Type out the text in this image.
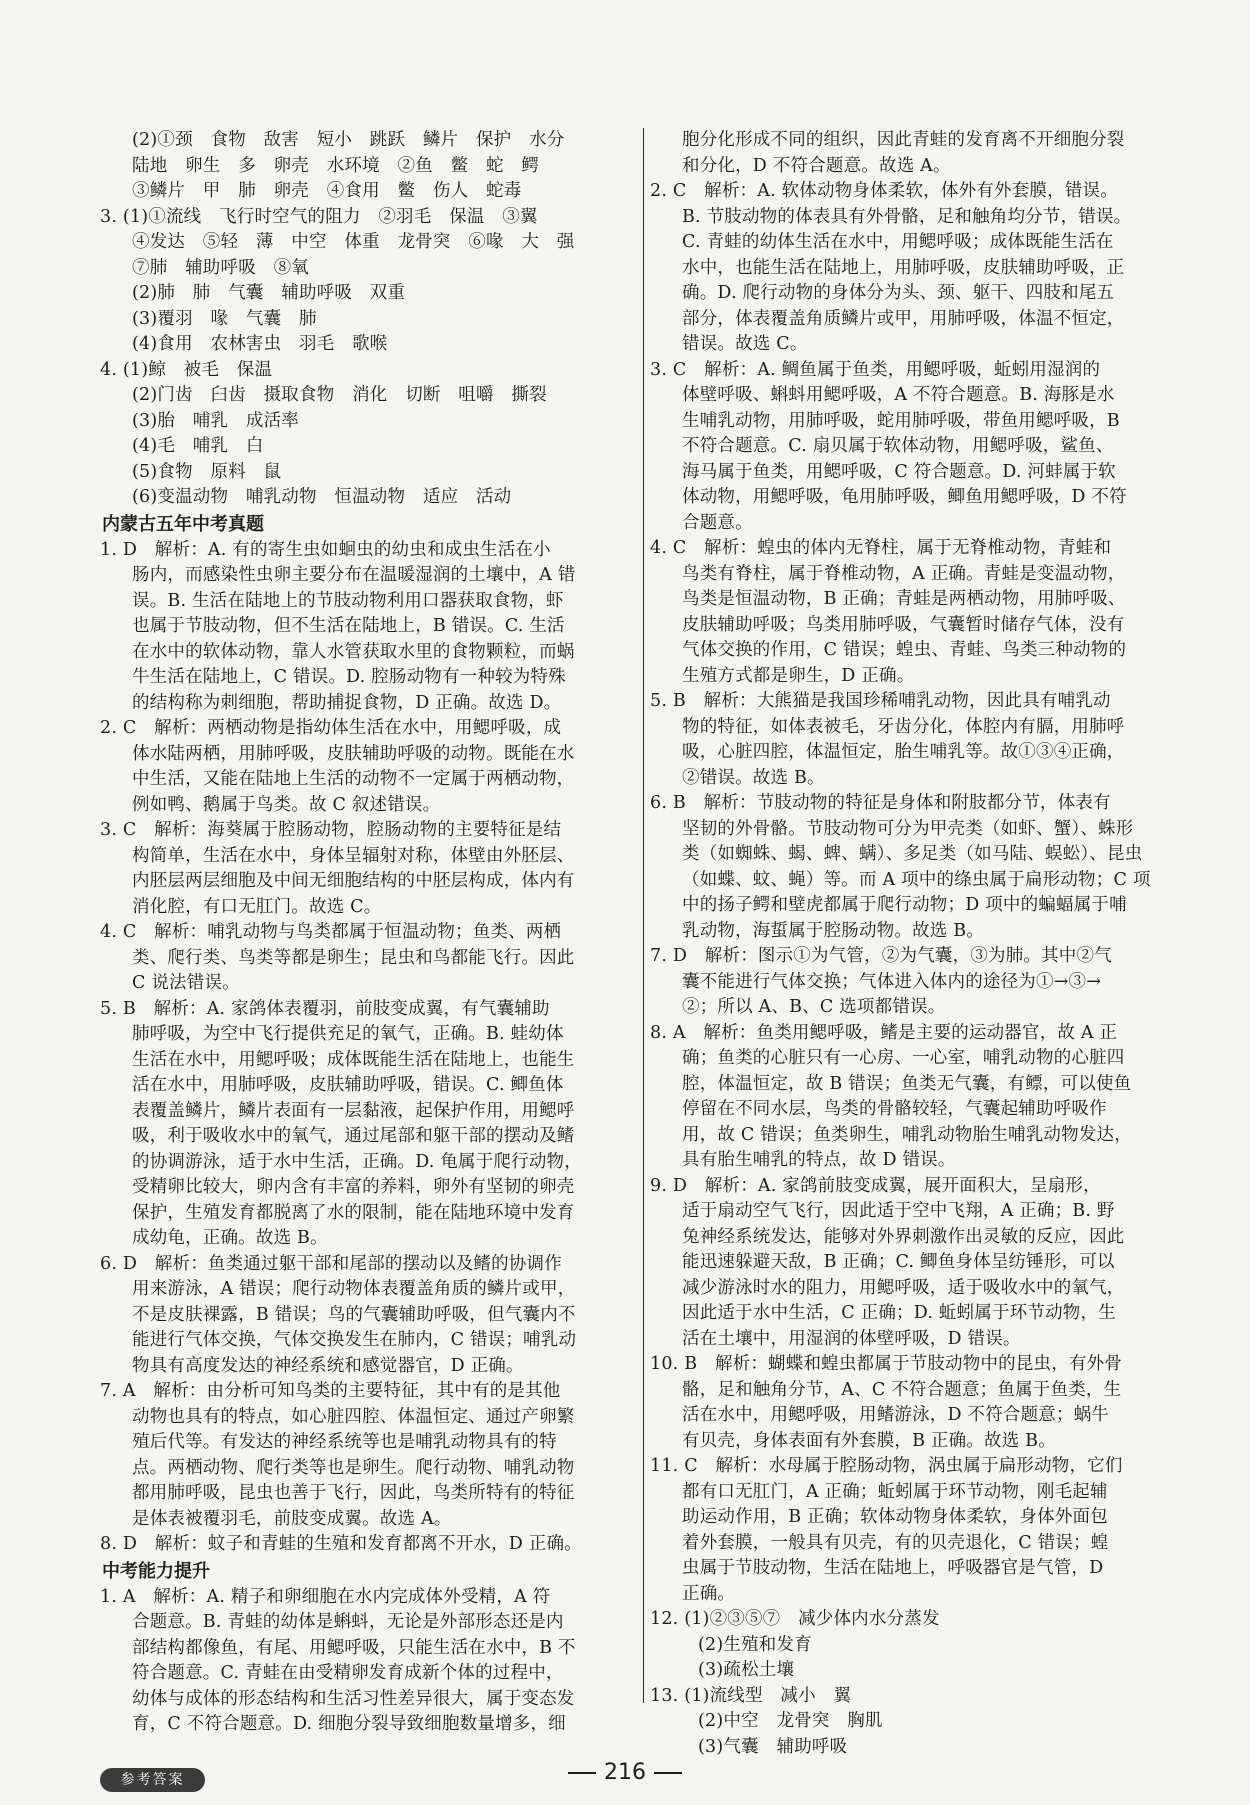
(2)①颈　食物　敌害　短小　跳跃　鳞片　保护　水分
陆地　卵生　多　卵壳　水环境　②鱼　鳖　蛇　鳄
③鳞片　甲　肺　卵壳　④食用　鳖　伤人　蛇毒
3. (1)①流线　飞行时空气的阻力　②羽毛　保温　③翼
④发达　⑤轻　薄　中空　体重　龙骨突　⑥喙　大　强
⑦肺　辅助呼吸　⑧氧
(2)肺　肺　气囊　辅助呼吸　双重
(3)覆羽　喙　气囊　肺
(4)食用　农林害虫　羽毛　歌喉
4. (1)鲸　被毛　保温
(2)门齿　臼齿　摄取食物　消化　切断　咀嚼　撕裂
(3)胎　哺乳　成活率
(4)毛　哺乳　白
(5)食物　原料　鼠
(6)变温动物　哺乳动物　恒温动物　适应　活动
内蒙古五年中考真题
1. D　解析：A. 有的寄生虫如蛔虫的幼虫和成虫生活在小
肠内，而感染性虫卵主要分布在温暖湿润的土壤中，A 错
误。B. 生活在陆地上的节肢动物利用口器获取食物，虾
也属于节肢动物，但不生活在陆地上，B 错误。C. 生活
在水中的软体动物，靠人水管获取水里的食物颗粒，而蜗
牛生活在陆地上，C 错误。D. 腔肠动物有一种较为特殊
的结构称为刺细胞，帮助捕捉食物，D 正确。故选 D。
2. C　解析：两栖动物是指幼体生活在水中，用鳃呼吸，成
体水陆两栖，用肺呼吸，皮肤辅助呼吸的动物。既能在水
中生活，又能在陆地上生活的动物不一定属于两栖动物，
例如鸭、鹅属于鸟类。故 C 叙述错误。
3. C　解析：海葵属于腔肠动物，腔肠动物的主要特征是结
构简单，生活在水中，身体呈辐射对称，体壁由外胚层、
内胚层两层细胞及中间无细胞结构的中胚层构成，体内有
消化腔，有口无肛门。故选 C。
4. C　解析：哺乳动物与鸟类都属于恒温动物；鱼类、两栖
类、爬行类、鸟类等都是卵生；昆虫和鸟都能飞行。因此
C 说法错误。
5. B　解析：A. 家鸽体表覆羽，前肢变成翼，有气囊辅助
肺呼吸，为空中飞行提供充足的氧气，正确。B. 蛙幼体
生活在水中，用鳃呼吸；成体既能生活在陆地上，也能生
活在水中，用肺呼吸，皮肤辅助呼吸，错误。C. 鲫鱼体
表覆盖鳞片，鳞片表面有一层黏液，起保护作用，用鳃呼
吸，利于吸收水中的氧气，通过尾部和躯干部的摆动及鳍
的协调游泳，适于水中生活，正确。D. 龟属于爬行动物，
受精卵比较大，卵内含有丰富的养料，卵外有坚韧的卵壳
保护，生殖发育都脱离了水的限制，能在陆地环境中发育
成幼龟，正确。故选 B。
6. D　解析：鱼类通过躯干部和尾部的摆动以及鳍的协调作
用来游泳，A 错误；爬行动物体表覆盖角质的鳞片或甲，
不是皮肤裸露，B 错误；鸟的气囊辅助呼吸，但气囊内不
能进行气体交换，气体交换发生在肺内，C 错误；哺乳动
物具有高度发达的神经系统和感觉器官，D 正确。
7. A　解析：由分析可知鸟类的主要特征，其中有的是其他
动物也具有的特点，如心脏四腔、体温恒定、通过产卵繁
殖后代等。有发达的神经系统等也是哺乳动物具有的特
点。两栖动物、爬行类等也是卵生。爬行动物、哺乳动物
都用肺呼吸，昆虫也善于飞行，因此，鸟类所特有的特征
是体表被覆羽毛，前肢变成翼。故选 A。
8. D　解析：蚊子和青蛙的生殖和发育都离不开水，D 正确。
中考能力提升
1. A　解析：A. 精子和卵细胞在水内完成体外受精，A 符
合题意。B. 青蛙的幼体是蝌蚪，无论是外部形态还是内
部结构都像鱼，有尾、用鳃呼吸，只能生活在水中，B 不
符合题意。C. 青蛙在由受精卵发育成新个体的过程中，
幼体与成体的形态结构和生活习性差异很大，属于变态发
育，C 不符合题意。D. 细胞分裂导致细胞数量增多，细
胞分化形成不同的组织，因此青蛙的发育离不开细胞分裂
和分化，D 不符合题意。故选 A。
2. C　解析：A. 软体动物身体柔软，体外有外套膜，错误。
B. 节肢动物的体表具有外骨骼，足和触角均分节，错误。
C. 青蛙的幼体生活在水中，用鳃呼吸；成体既能生活在
水中，也能生活在陆地上，用肺呼吸，皮肤辅助呼吸，正
确。D. 爬行动物的身体分为头、颈、躯干、四肢和尾五
部分，体表覆盖角质鳞片或甲，用肺呼吸，体温不恒定，
错误。故选 C。
3. C　解析：A. 鲷鱼属于鱼类，用鳃呼吸，蚯蚓用湿润的
体壁呼吸、蝌蚪用鳃呼吸，A 不符合题意。B. 海豚是水
生哺乳动物，用肺呼吸，蛇用肺呼吸，带鱼用鳃呼吸，B
不符合题意。C. 扇贝属于软体动物，用鳃呼吸，鲨鱼、
海马属于鱼类，用鳃呼吸，C 符合题意。D. 河蚌属于软
体动物，用鳃呼吸，龟用肺呼吸，鲫鱼用鳃呼吸，D 不符
合题意。
4. C　解析：蝗虫的体内无脊柱，属于无脊椎动物，青蛙和
鸟类有脊柱，属于脊椎动物，A 正确。青蛙是变温动物，
鸟类是恒温动物，B 正确；青蛙是两栖动物，用肺呼吸、
皮肤辅助呼吸；鸟类用肺呼吸，气囊暂时储存气体，没有
气体交换的作用，C 错误；蝗虫、青蛙、鸟类三种动物的
生殖方式都是卵生，D 正确。
5. B　解析：大熊猫是我国珍稀哺乳动物，因此具有哺乳动
物的特征，如体表被毛，牙齿分化，体腔内有膈，用肺呼
吸，心脏四腔，体温恒定，胎生哺乳等。故①③④正确，
②错误。故选 B。
6. B　解析：节肢动物的特征是身体和附肢都分节，体表有
坚韧的外骨骼。节肢动物可分为甲壳类（如虾、蟹）、蛛形
类（如蜘蛛、蝎、蜱、螨）、多足类（如马陆、蜈蚣）、昆虫
（如蝶、蚊、蝇）等。而 A 项中的绦虫属于扁形动物；C 项
中的扬子鳄和壁虎都属于爬行动物；D 项中的蝙蝠属于哺
乳动物，海蜇属于腔肠动物。故选 B。
7. D　解析：图示①为气管，②为气囊，③为肺。其中②气
囊不能进行气体交换；气体进入体内的途径为①→③→
②；所以 A、B、C 选项都错误。
8. A　解析：鱼类用鳃呼吸，鳍是主要的运动器官，故 A 正
确；鱼类的心脏只有一心房、一心室，哺乳动物的心脏四
腔，体温恒定，故 B 错误；鱼类无气囊，有鳔，可以使鱼
停留在不同水层，鸟类的骨骼较轻，气囊起辅助呼吸作
用，故 C 错误；鱼类卵生，哺乳动物胎生哺乳动物发达，
具有胎生哺乳的特点，故 D 错误。
9. D　解析：A. 家鸽前肢变成翼，展开面积大，呈扇形，
适于扇动空气飞行，因此适于空中飞翔，A 正确；B. 野
兔神经系统发达，能够对外界刺激作出灵敏的反应，因此
能迅速躲避天敌，B 正确；C. 鲫鱼身体呈纺锤形，可以
减少游泳时水的阻力，用鳃呼吸，适于吸收水中的氧气，
因此适于水中生活，C 正确；D. 蚯蚓属于环节动物，生
活在土壤中，用湿润的体壁呼吸，D 错误。
10. B　解析：蝴蝶和蝗虫都属于节肢动物中的昆虫，有外骨
骼，足和触角分节，A、C 不符合题意；鱼属于鱼类，生
活在水中，用鳃呼吸，用鳍游泳，D 不符合题意；蜗牛
有贝壳，身体表面有外套膜，B 正确。故选 B。
11. C　解析：水母属于腔肠动物，涡虫属于扁形动物，它们
都有口无肛门，A 正确；蚯蚓属于环节动物，刚毛起辅
助运动作用，B 正确；软体动物身体柔软，身体外面包
着外套膜，一般具有贝壳，有的贝壳退化，C 错误；蝗
虫属于节肢动物，生活在陆地上，呼吸器官是气管，D
正确。
12. (1)②③⑤⑦　减少体内水分蒸发
(2)生殖和发育
(3)疏松土壤
13. (1)流线型　减小　翼
(2)中空　龙骨突　胸肌
(3)气囊　辅助呼吸
参考答案	216
